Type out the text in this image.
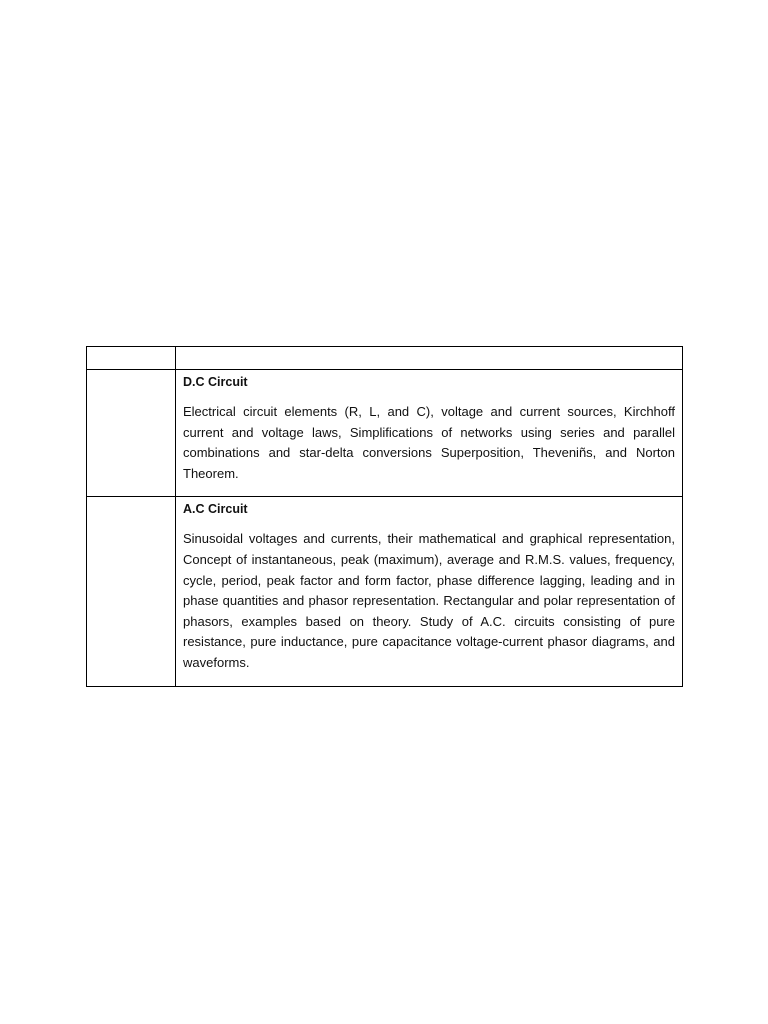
	D.C Circuit

Electrical circuit elements (R, L, and C), voltage and current sources, Kirchhoff current and voltage laws, Simplifications of networks using series and parallel combinations and star-delta conversions Superposition, Theveniñs, and Norton Theorem.

	A.C Circuit

Sinusoidal voltages and currents, their mathematical and graphical representation, Concept of instantaneous, peak (maximum), average and R.M.S. values, frequency, cycle, period, peak factor and form factor, phase difference lagging, leading and in phase quantities and phasor representation. Rectangular and polar representation of phasors, examples based on theory. Study of A.C. circuits consisting of pure resistance, pure inductance, pure capacitance voltage-current phasor diagrams, and waveforms.
